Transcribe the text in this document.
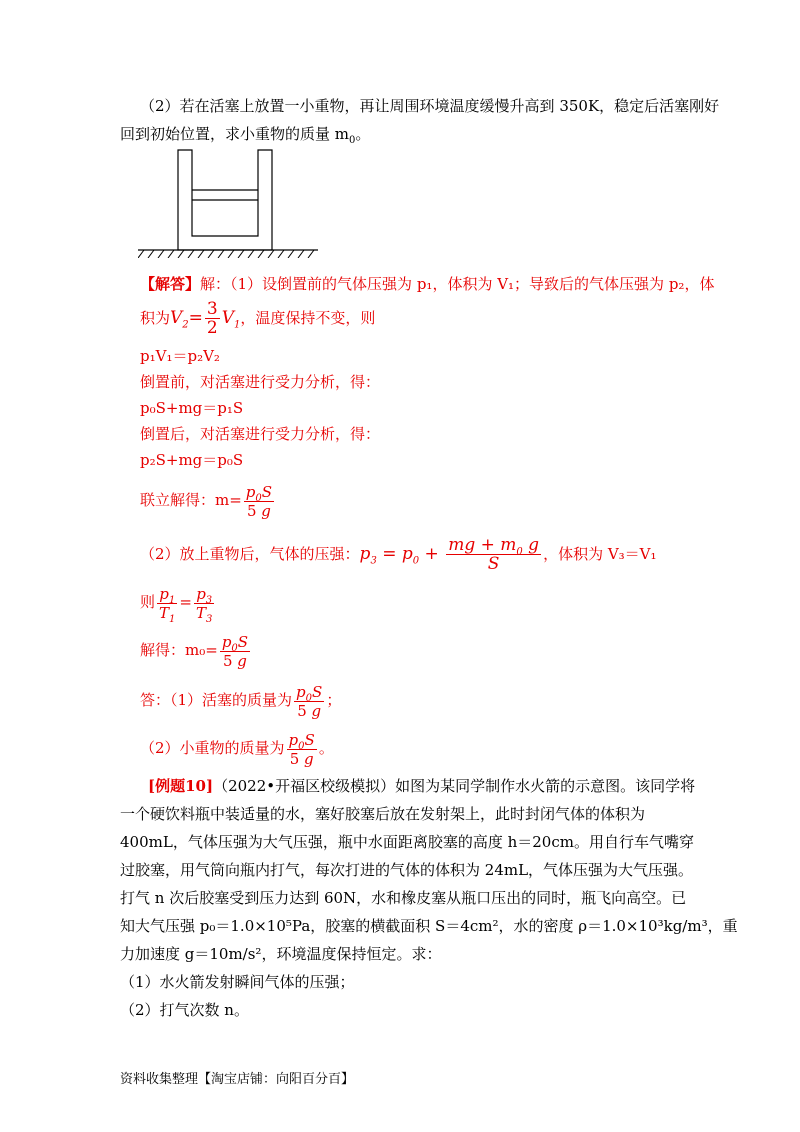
（2）若在活塞上放置一小重物，再让周围环境温度缓慢升高到 350K，稳定后活塞刚好
回到初始位置，求小重物的质量 $m_0$。
【解答】解：（1）设倒置前的气体压强为 p₁，体积为 V₁；导致后的气体压强为 p₂，体
积为$V_2= \frac{3}{2} V_1$，温度保持不变，则
p₁V₁＝p₂V₂
倒置前，对活塞进行受力分析，得：
p₀S+mg＝p₁S
倒置后，对活塞进行受力分析，得：
p₂S+mg＝p₀S
联立解得：$m= \frac{p_0S}{5 g}$
（2）放上重物后，气体的压强：$p_3 = p_0 + \frac{mg + m_0 g}{S}$ ，体积为 V₃＝V₁
则 $\frac{p_1}{T_1} = \frac{p_3}{T_3}$
解得：$m_0= \frac{p_0S}{5 g}$
答：（1）活塞的质量为 $\frac{p_0S}{5 g}$ ；
（2）小重物的质量为 $\frac{p_0S}{5 g}$ 。
[例题10]（2022•开福区校级模拟）如图为某同学制作水火箭的示意图。该同学将
一个硬饮料瓶中装适量的水，塞好胶塞后放在发射架上，此时封闭气体的体积为
400mL，气体压强为大气压强，瓶中水面距离胶塞的高度 h＝20cm。用自行车气嘴穿
过胶塞，用气筒向瓶内打气，每次打进的气体的体积为 24mL，气体压强为大气压强。
打气 n 次后胶塞受到压力达到 60N，水和橡皮塞从瓶口压出的同时，瓶飞向高空。已
知大气压强 p₀＝1.0×10⁵Pa，胶塞的横截面积 S＝4cm²，水的密度 ρ＝1.0×10³kg/m³，重
力加速度 g＝10m/s²，环境温度保持恒定。求：
（1）水火箭发射瞬间气体的压强；
（2）打气次数 n。
资料收集整理【淘宝店铺：向阳百分百】
